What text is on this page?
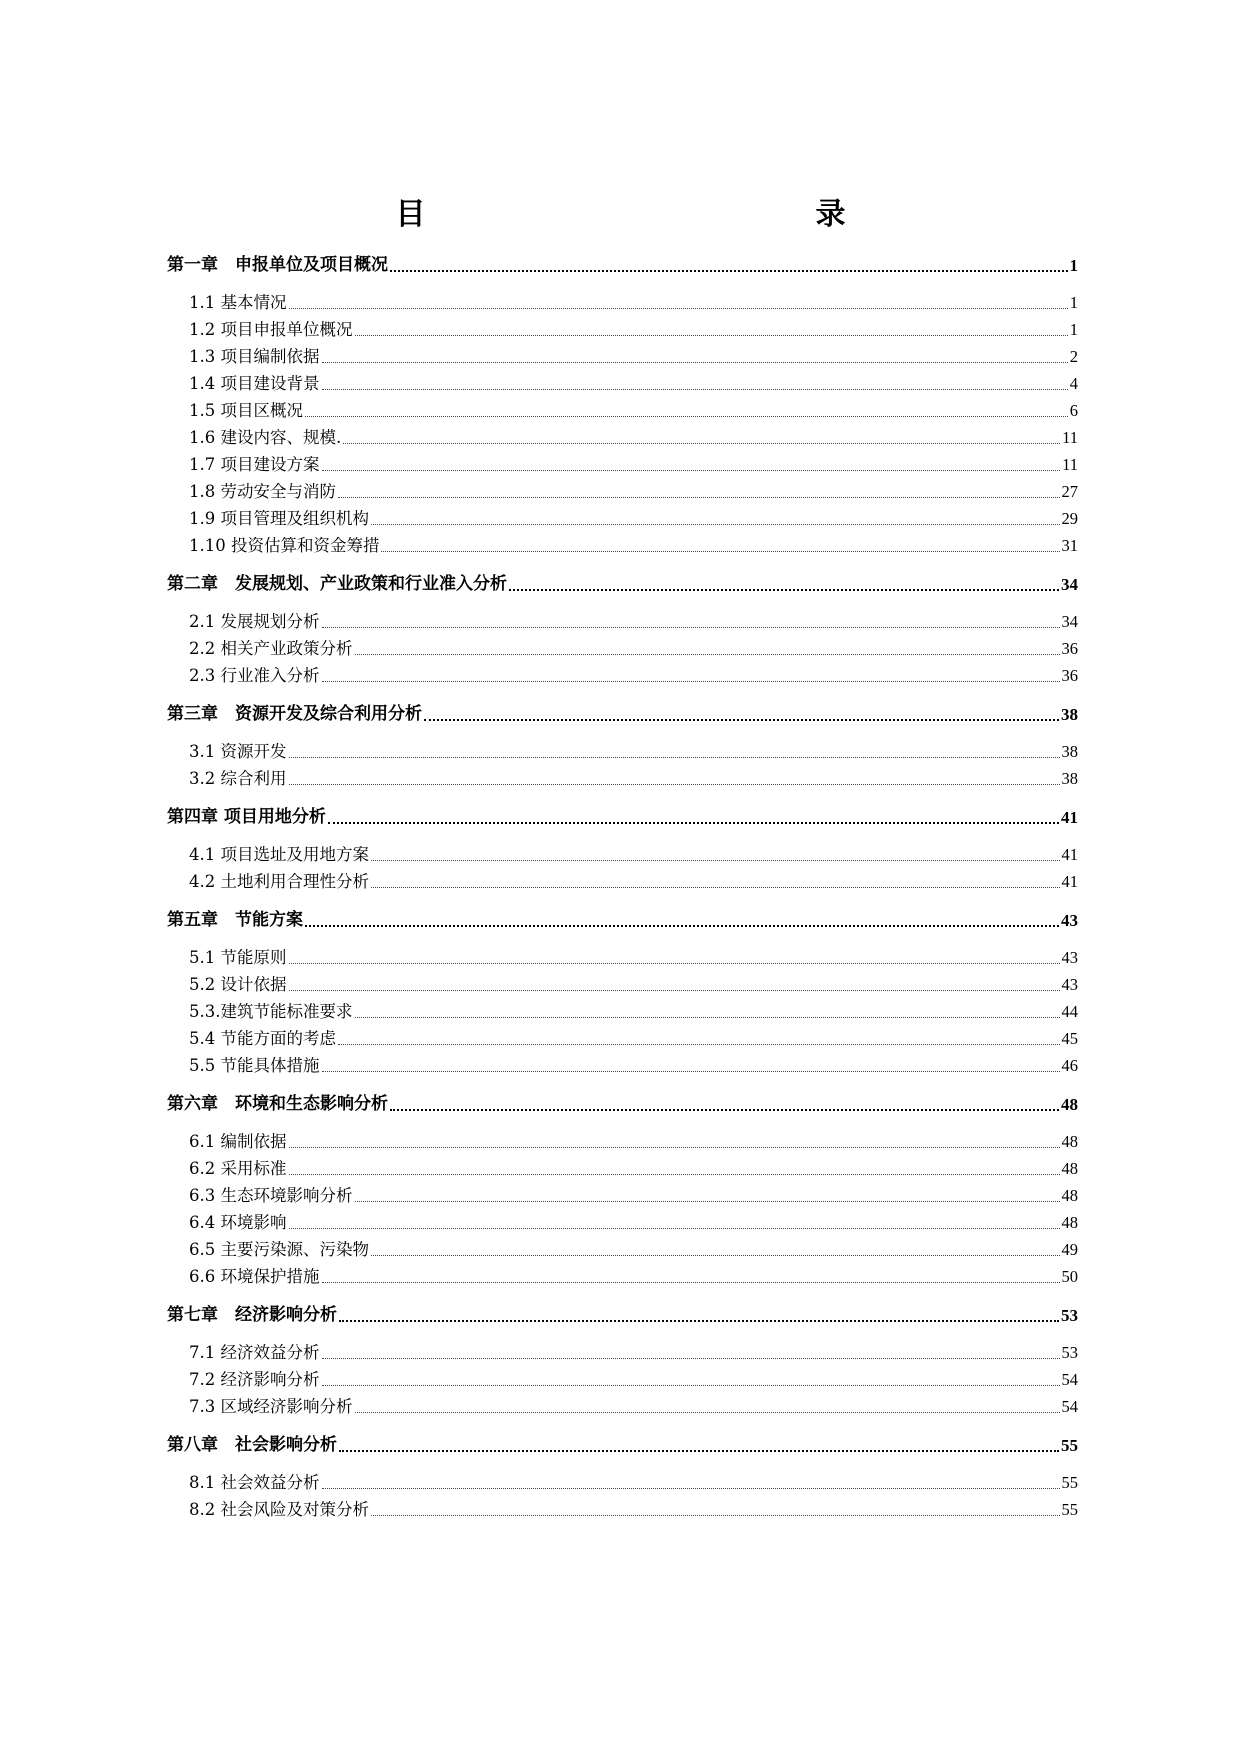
目　　录
第一章　申报单位及项目概况	1
1.1 基本情况	1
1.2 项目申报单位概况	1
1.3 项目编制依据	2
1.4 项目建设背景	4
1.5 项目区概况	6
1.6 建设内容、规模.	11
1.7 项目建设方案	11
1.8 劳动安全与消防	27
1.9 项目管理及组织机构	29
1.10 投资估算和资金筹措	31
第二章　发展规划、产业政策和行业准入分析	34
2.1 发展规划分析	34
2.2 相关产业政策分析	36
2.3 行业准入分析	36
第三章　资源开发及综合利用分析	38
3.1 资源开发	38
3.2 综合利用	38
第四章 项目用地分析	41
4.1 项目选址及用地方案	41
4.2 土地利用合理性分析	41
第五章　节能方案	43
5.1 节能原则	43
5.2 设计依据	43
5.3.建筑节能标准要求	44
5.4 节能方面的考虑	45
5.5 节能具体措施	46
第六章　环境和生态影响分析	48
6.1 编制依据	48
6.2 采用标准	48
6.3 生态环境影响分析	48
6.4 环境影响	48
6.5 主要污染源、污染物	49
6.6 环境保护措施	50
第七章　经济影响分析	53
7.1 经济效益分析	53
7.2 经济影响分析	54
7.3 区域经济影响分析	54
第八章　社会影响分析	55
8.1 社会效益分析	55
8.2 社会风险及对策分析	55
